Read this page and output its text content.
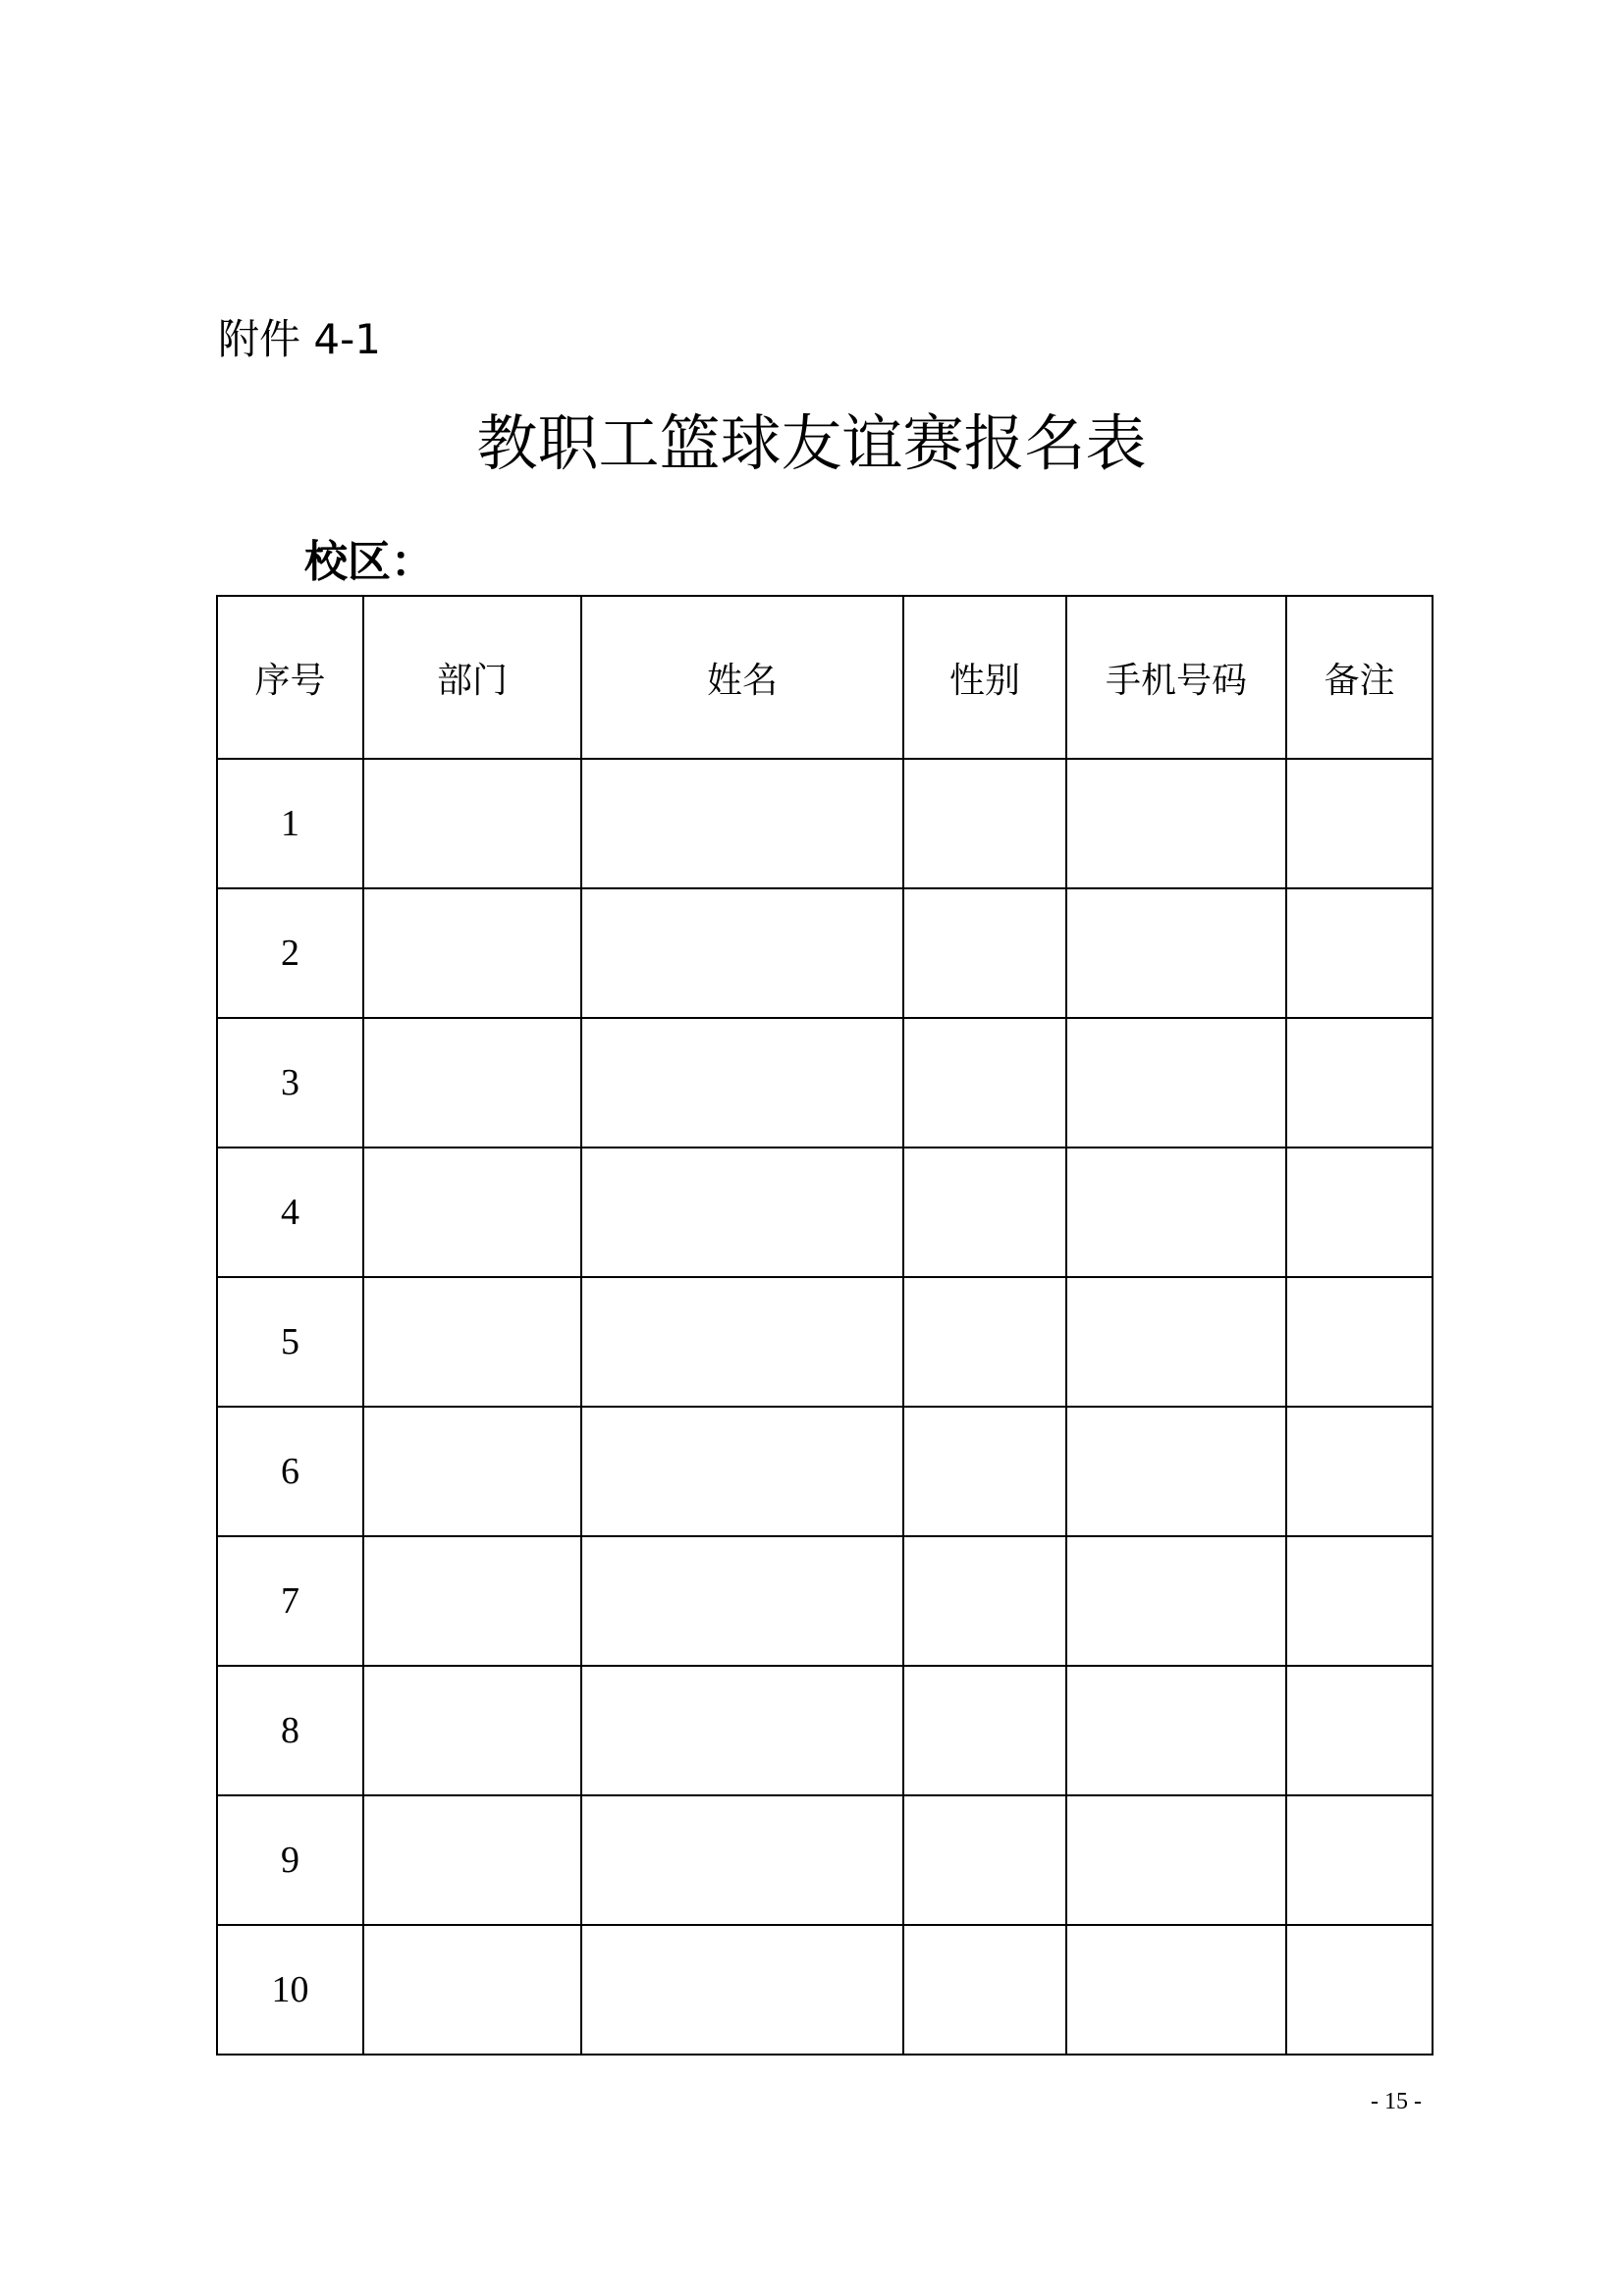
附件 4-1
教职工篮球友谊赛报名表
校区：
序号	部门	姓名	性别	手机号码	备注
1					
2					
3					
4					
5					
6					
7					
8					
9					
10					
- 15 -
